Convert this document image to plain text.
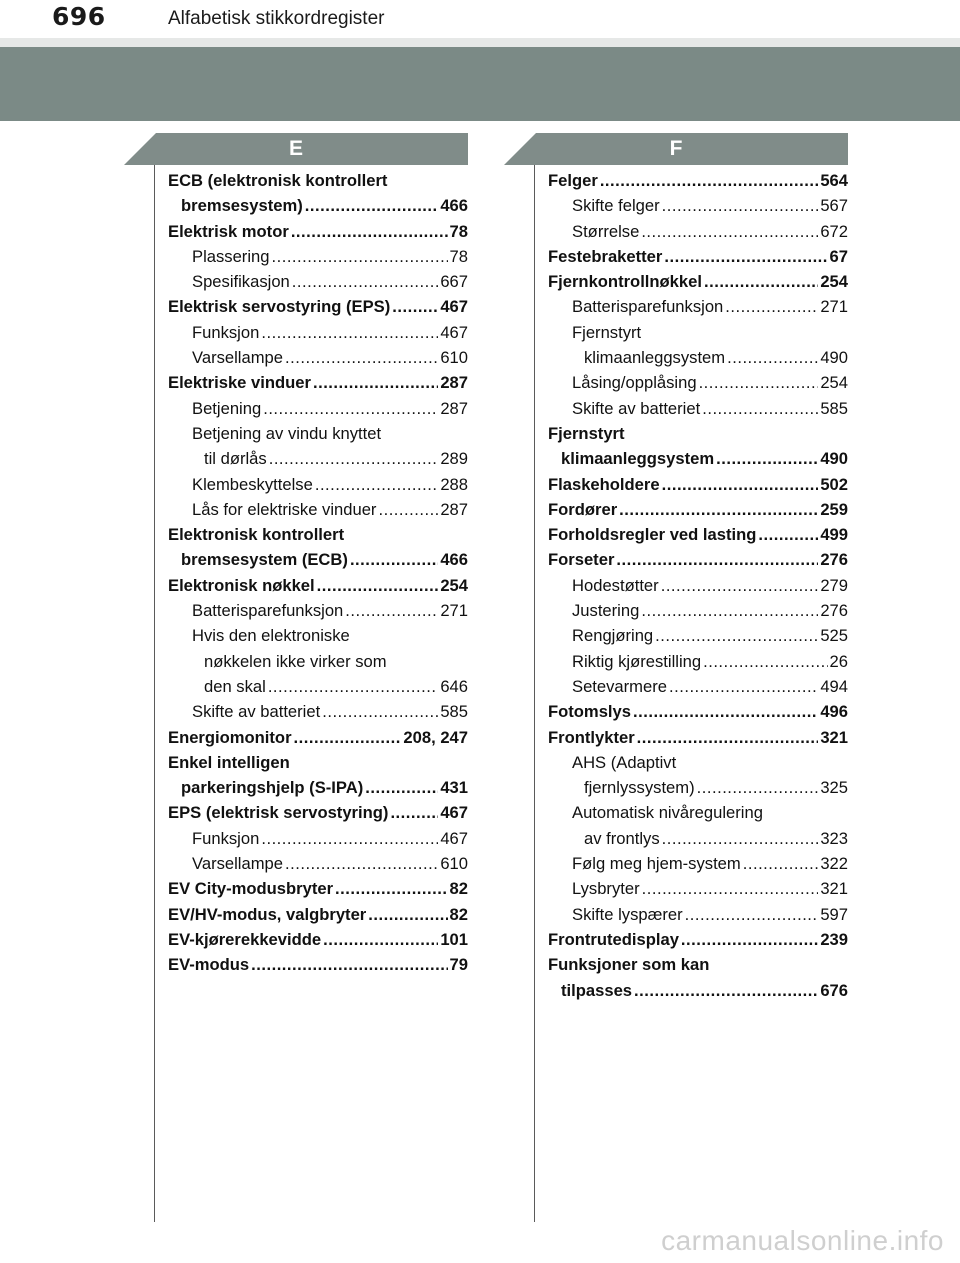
696	Alfabetisk stikkordregister
E	F
ECB (elektronisk kontrollert
bremsesystem) .....	466
Elektrisk motor .....	78
Plassering .....	78
Spesifikasjon .....	667
Elektrisk servostyring (EPS) .....	467
Funksjon .....	467
Varsellampe .....	610
Elektriske vinduer .....	287
Betjening .....	287
Betjening av vindu knyttet
til dørlås .....	289
Klembeskyttelse .....	288
Lås for elektriske vinduer .....	287
Elektronisk kontrollert
bremsesystem (ECB) .....	466
Elektronisk nøkkel .....	254
Batterisparefunksjon .....	271
Hvis den elektroniske
nøkkelen ikke virker som
den skal .....	646
Skifte av batteriet .....	585
Energiomonitor .....	208, 247
Enkel intelligen
parkeringshjelp (S-IPA) .....	431
EPS (elektrisk servostyring) .....	467
Funksjon .....	467
Varsellampe .....	610
EV City-modusbryter .....	82
EV/HV-modus, valgbryter .....	82
EV-kjørerekkevidde .....	101
EV-modus .....	79
Felger .....	564
Skifte felger .....	567
Størrelse .....	672
Festebraketter .....	67
Fjernkontrollnøkkel .....	254
Batterisparefunksjon .....	271
Fjernstyrt
klimaanleggsystem .....	490
Låsing/opplåsing .....	254
Skifte av batteriet .....	585
Fjernstyrt
klimaanleggsystem .....	490
Flaskeholdere .....	502
Fordører .....	259
Forholdsregler ved lasting .....	499
Forseter .....	276
Hodestøtter .....	279
Justering .....	276
Rengjøring .....	525
Riktig kjørestilling .....	26
Setevarmere .....	494
Fotomslys .....	496
Frontlykter .....	321
AHS (Adaptivt
fjernlyssystem) .....	325
Automatisk nivåregulering
av frontlys .....	323
Følg meg hjem-system .....	322
Lysbryter .....	321
Skifte lyspærer .....	597
Frontrutedisplay .....	239
Funksjoner som kan
tilpasses .....	676
carmanualsonline.info
